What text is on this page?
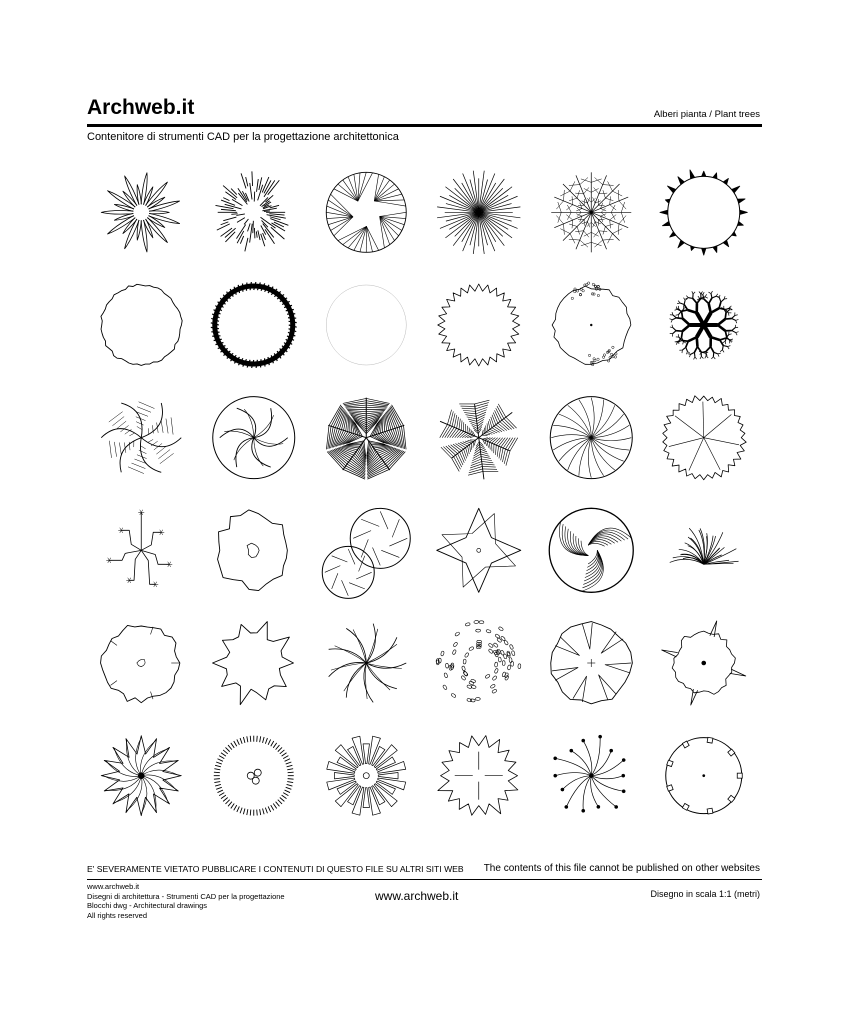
Archweb.it	Alberi pianta / Plant trees
Contenitore di strumenti CAD per la progettazione architettonica
E' SEVERAMENTE VIETATO PUBBLICARE I CONTENUTI DI QUESTO FILE SU ALTRI SITI WEB The contents of this file cannot be published on other websites
www.archweb.it
Disegni di architettura - Strumenti CAD per la progettazione
Blocchi dwg - Architectural drawings
All rights reserved
www.archweb.it	Disegno in scala 1:1 (metri)
